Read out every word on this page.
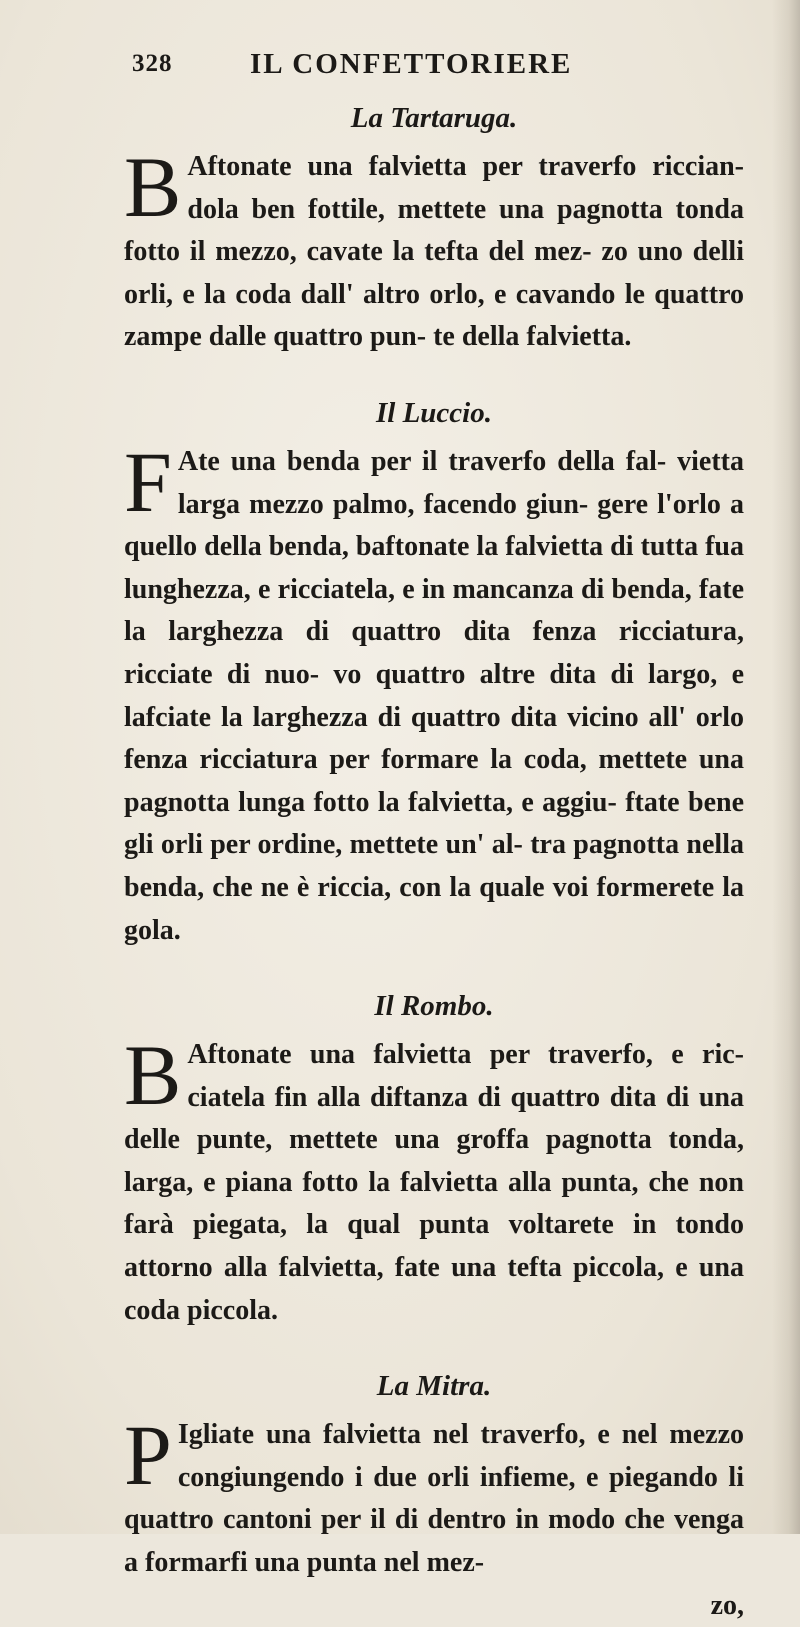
328	IL CONFETTORIERE
La Tartaruga.

B Aftonate una falvietta per traverfo riccian- dola ben fottile, mettete una pagnotta tonda fotto il mezzo, cavate la tefta del mez- zo uno delli orli, e la coda dall' altro orlo, e cavando le quattro zampe dalle quattro pun- te della falvietta.

Il Luccio.

F Ate una benda per il traverfo della fal- vietta larga mezzo palmo, facendo giun- gere l'orlo a quello della benda, baftonate la falvietta di tutta fua lunghezza, e ricciatela, e in mancanza di benda, fate la larghezza di quattro dita fenza ricciatura, ricciate di nuo- vo quattro altre dita di largo, e lafciate la larghezza di quattro dita vicino all' orlo fenza ricciatura per formare la coda, mettete una pagnotta lunga fotto la falvietta, e aggiu- ftate bene gli orli per ordine, mettete un' al- tra pagnotta nella benda, che ne è riccia, con la quale voi formerete la gola.

Il Rombo.

B Aftonate una falvietta per traverfo, e ric- ciatela fin alla diftanza di quattro dita di una delle punte, mettete una groffa pagnotta tonda, larga, e piana fotto la falvietta alla punta, che non farà piegata, la qual punta voltarete in tondo attorno alla falvietta, fate una tefta piccola, e una coda piccola.

La Mitra.

P Igliate una falvietta nel traverfo, e nel mezzo congiungendo i due orli infieme, e piegando li quattro cantoni per il di dentro in modo che venga a formarfi una punta nel mez-

zo,
